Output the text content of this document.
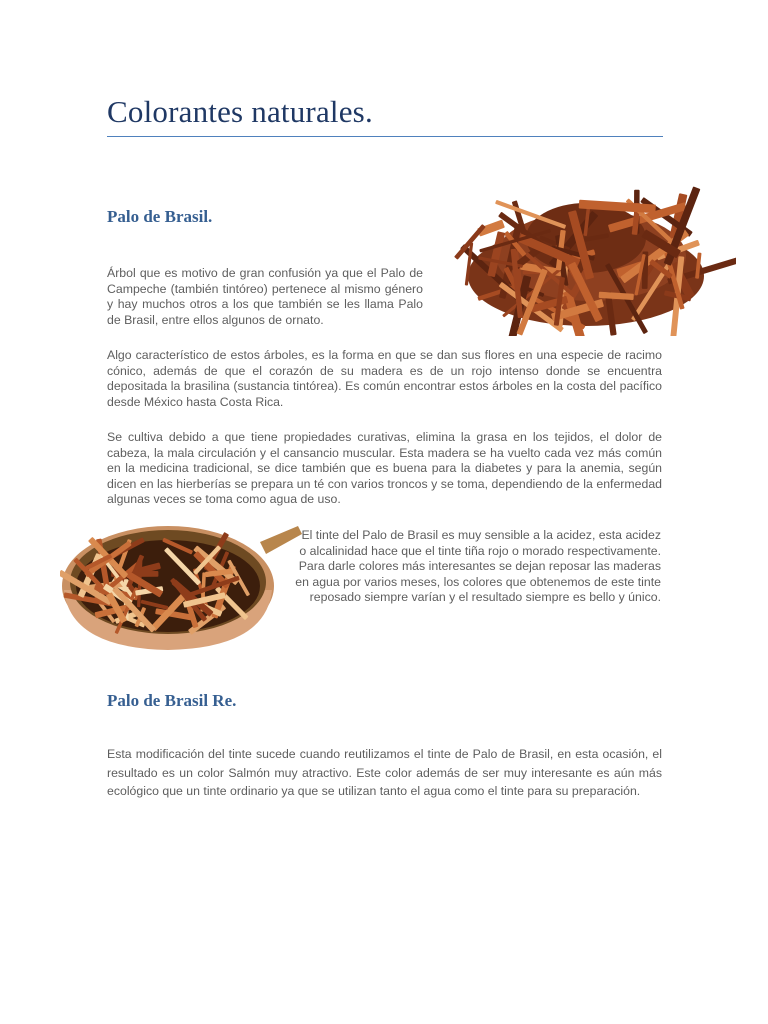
Colorantes naturales.
Palo de Brasil.

Árbol que es motivo de gran confusión ya que el Palo de Campeche (también tintóreo) pertenece al mismo género y hay muchos otros a los que también se les llama Palo de Brasil, entre ellos algunos de ornato.

Algo característico de estos árboles, es la forma en que se dan sus flores en una especie de racimo cónico, además de que el corazón de su madera es de un rojo intenso donde se encuentra depositada la brasilina (sustancia tintórea). Es común encontrar estos árboles en la costa del pacífico desde México hasta Costa Rica.

Se cultiva debido a que tiene propiedades curativas, elimina la grasa en los tejidos, el dolor de cabeza, la mala circulación y el cansancio muscular. Esta madera se ha vuelto cada vez más común en la medicina tradicional, se dice también que es buena para la diabetes y para la anemia, según dicen en las hierberías se prepara un té con varios troncos y se toma, dependiendo de la enfermedad algunas veces se toma como agua de uso.

El tinte del Palo de Brasil es muy sensible a la acidez, esta acidez o alcalinidad hace que el tinte tiña rojo o morado respectivamente. Para darle colores más interesantes se dejan reposar las maderas en agua por varios meses, los colores que obtenemos de este tinte reposado siempre varían y el resultado siempre es bello y único.

Palo de Brasil Re.

Esta modificación del tinte sucede cuando reutilizamos el tinte de Palo de Brasil, en esta ocasión, el resultado es un color Salmón muy atractivo. Este color además de ser muy interesante es aún más ecológico que un tinte ordinario ya que se utilizan tanto el agua como el tinte para su preparación.
